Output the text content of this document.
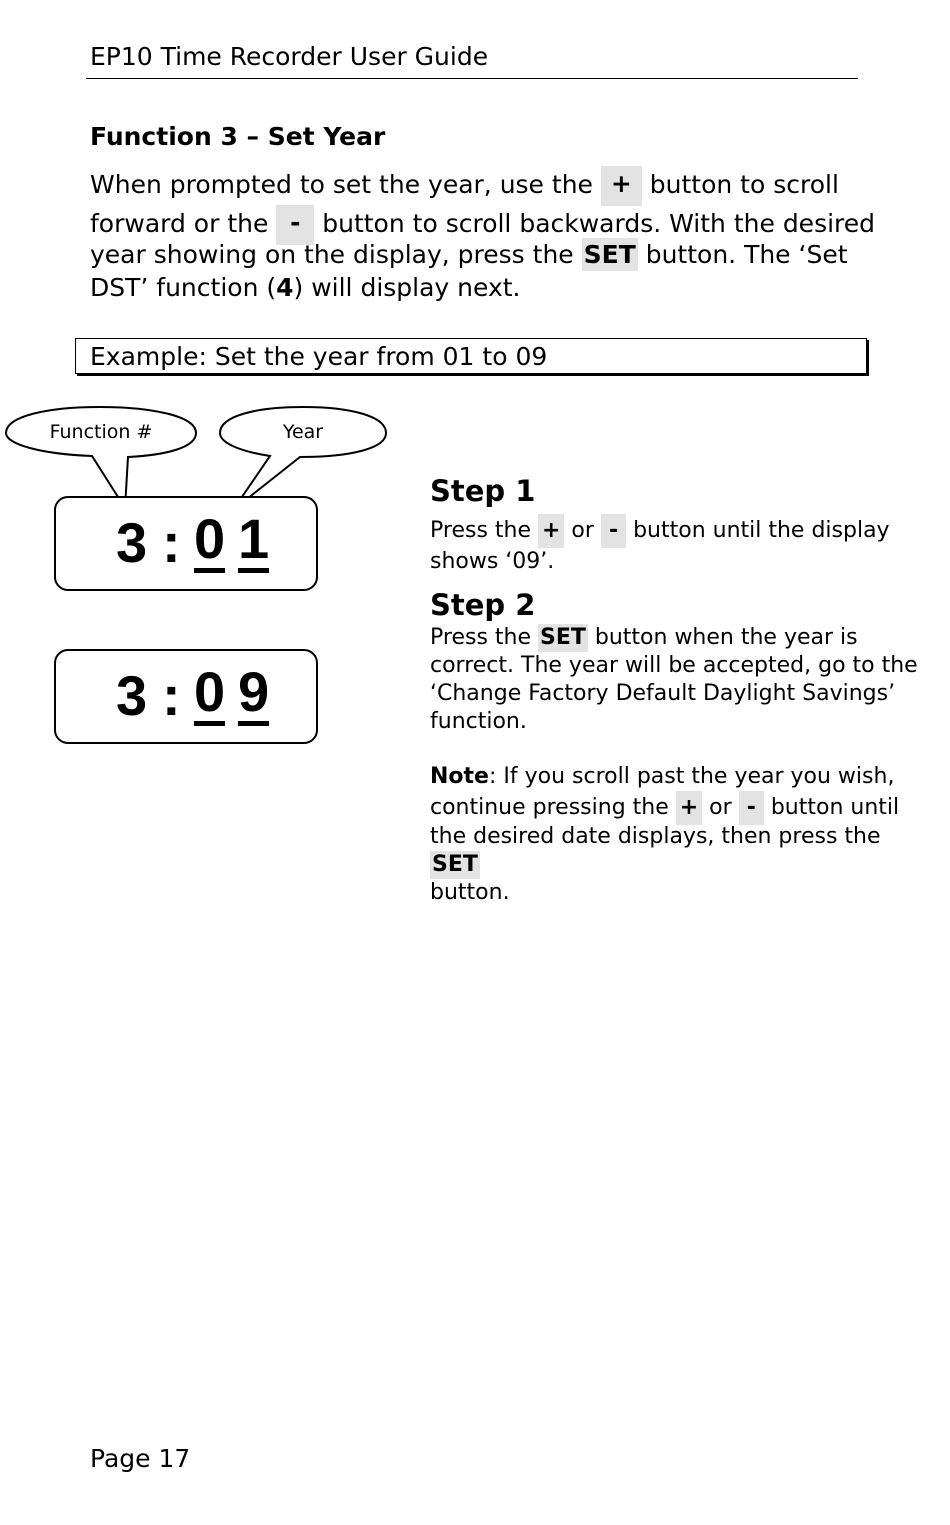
EP10 Time Recorder User Guide
Function 3 – Set Year
When prompted to set the year, use the + button to scroll
forward or the - button to scroll backwards. With the desired
year showing on the display, press the SET button. The ‘Set
DST’ function (4) will display next.
Example: Set the year from 01 to 09
Function #	Year
3 : 0 1
3 : 0 9
Step 1
Press the + or - button until the display
shows ‘09’.
Step 2
Press the SET button when the year is
correct. The year will be accepted, go to the
‘Change Factory Default Daylight Savings’
function.
Note: If you scroll past the year you wish,
continue pressing the + or - button until
the desired date displays, then press the SET
button.
Page 17
